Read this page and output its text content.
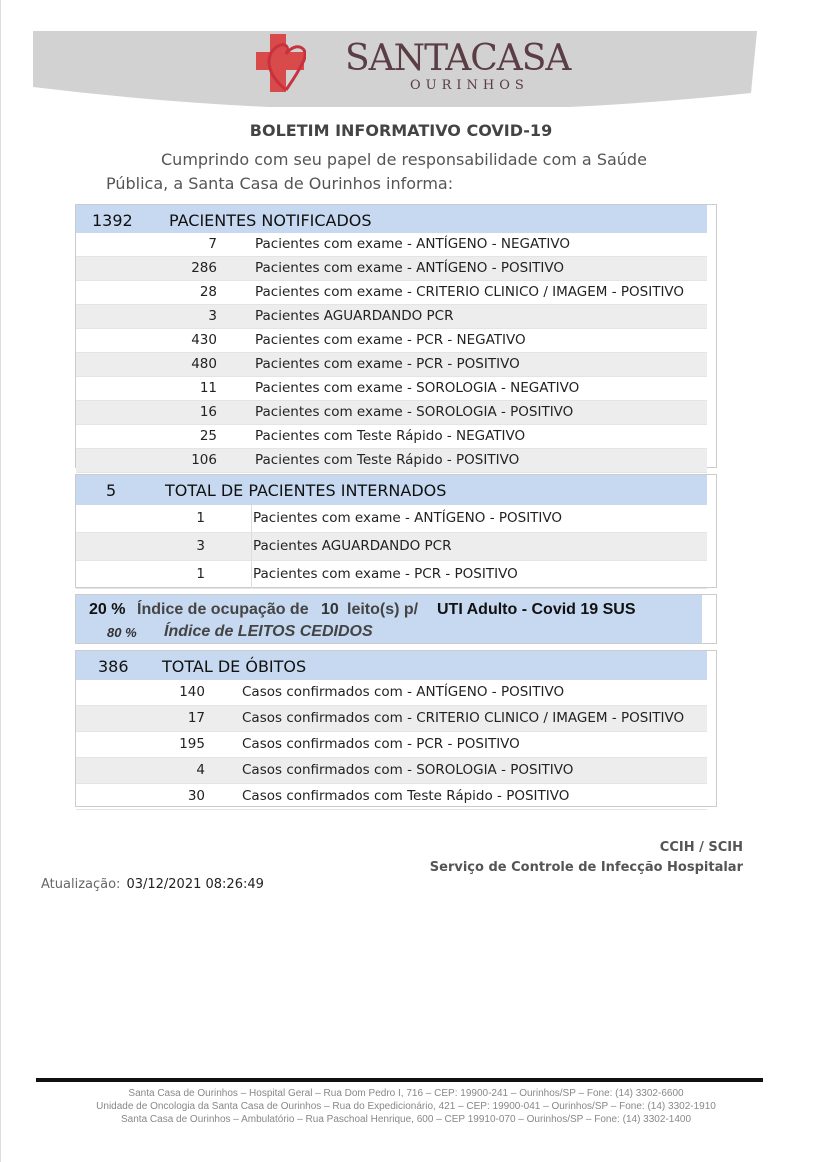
SANTACASA
OURINHOS
BOLETIM INFORMATIVO COVID-19
Cumprindo com seu papel de responsabilidade com a Saúde
Pública, a Santa Casa de Ourinhos informa:
1392 PACIENTES NOTIFICADOS
7	Pacientes com exame - ANTÍGENO - NEGATIVO
286	Pacientes com exame - ANTÍGENO - POSITIVO
28	Pacientes com exame - CRITERIO CLINICO / IMAGEM - POSITIVO
3	Pacientes AGUARDANDO PCR
430	Pacientes com exame - PCR - NEGATIVO
480	Pacientes com exame - PCR - POSITIVO
11	Pacientes com exame - SOROLOGIA - NEGATIVO
16	Pacientes com exame - SOROLOGIA - POSITIVO
25	Pacientes com Teste Rápido - NEGATIVO
106	Pacientes com Teste Rápido - POSITIVO
5	TOTAL DE PACIENTES INTERNADOS
1	Pacientes com exame - ANTÍGENO - POSITIVO
3	Pacientes AGUARDANDO PCR
1	Pacientes com exame - PCR - POSITIVO
20 % Índice de ocupação de 10 leito(s) p/ UTI Adulto - Covid 19 SUS
80 % Índice de LEITOS CEDIDOS
386 TOTAL DE ÓBITOS
140	Casos confirmados com - ANTÍGENO - POSITIVO
17	Casos confirmados com - CRITERIO CLINICO / IMAGEM - POSITIVO
195	Casos confirmados com - PCR - POSITIVO
4	Casos confirmados com - SOROLOGIA - POSITIVO
30	Casos confirmados com Teste Rápido - POSITIVO
CCIH / SCIH
Serviço de Controle de Infecção Hospitalar
Atualização: 03/12/2021 08:26:49
Santa Casa de Ourinhos – Hospital Geral – Rua Dom Pedro I, 716 – CEP: 19900-241 – Ourinhos/SP – Fone: (14) 3302-6600
Unidade de Oncologia da Santa Casa de Ourinhos – Rua do Expedicionário, 421 – CEP: 19900-041 – Ourinhos/SP – Fone: (14) 3302-1910
Santa Casa de Ourinhos – Ambulatório – Rua Paschoal Henrique, 600 – CEP 19910-070 – Ourinhos/SP – Fone: (14) 3302-1400
